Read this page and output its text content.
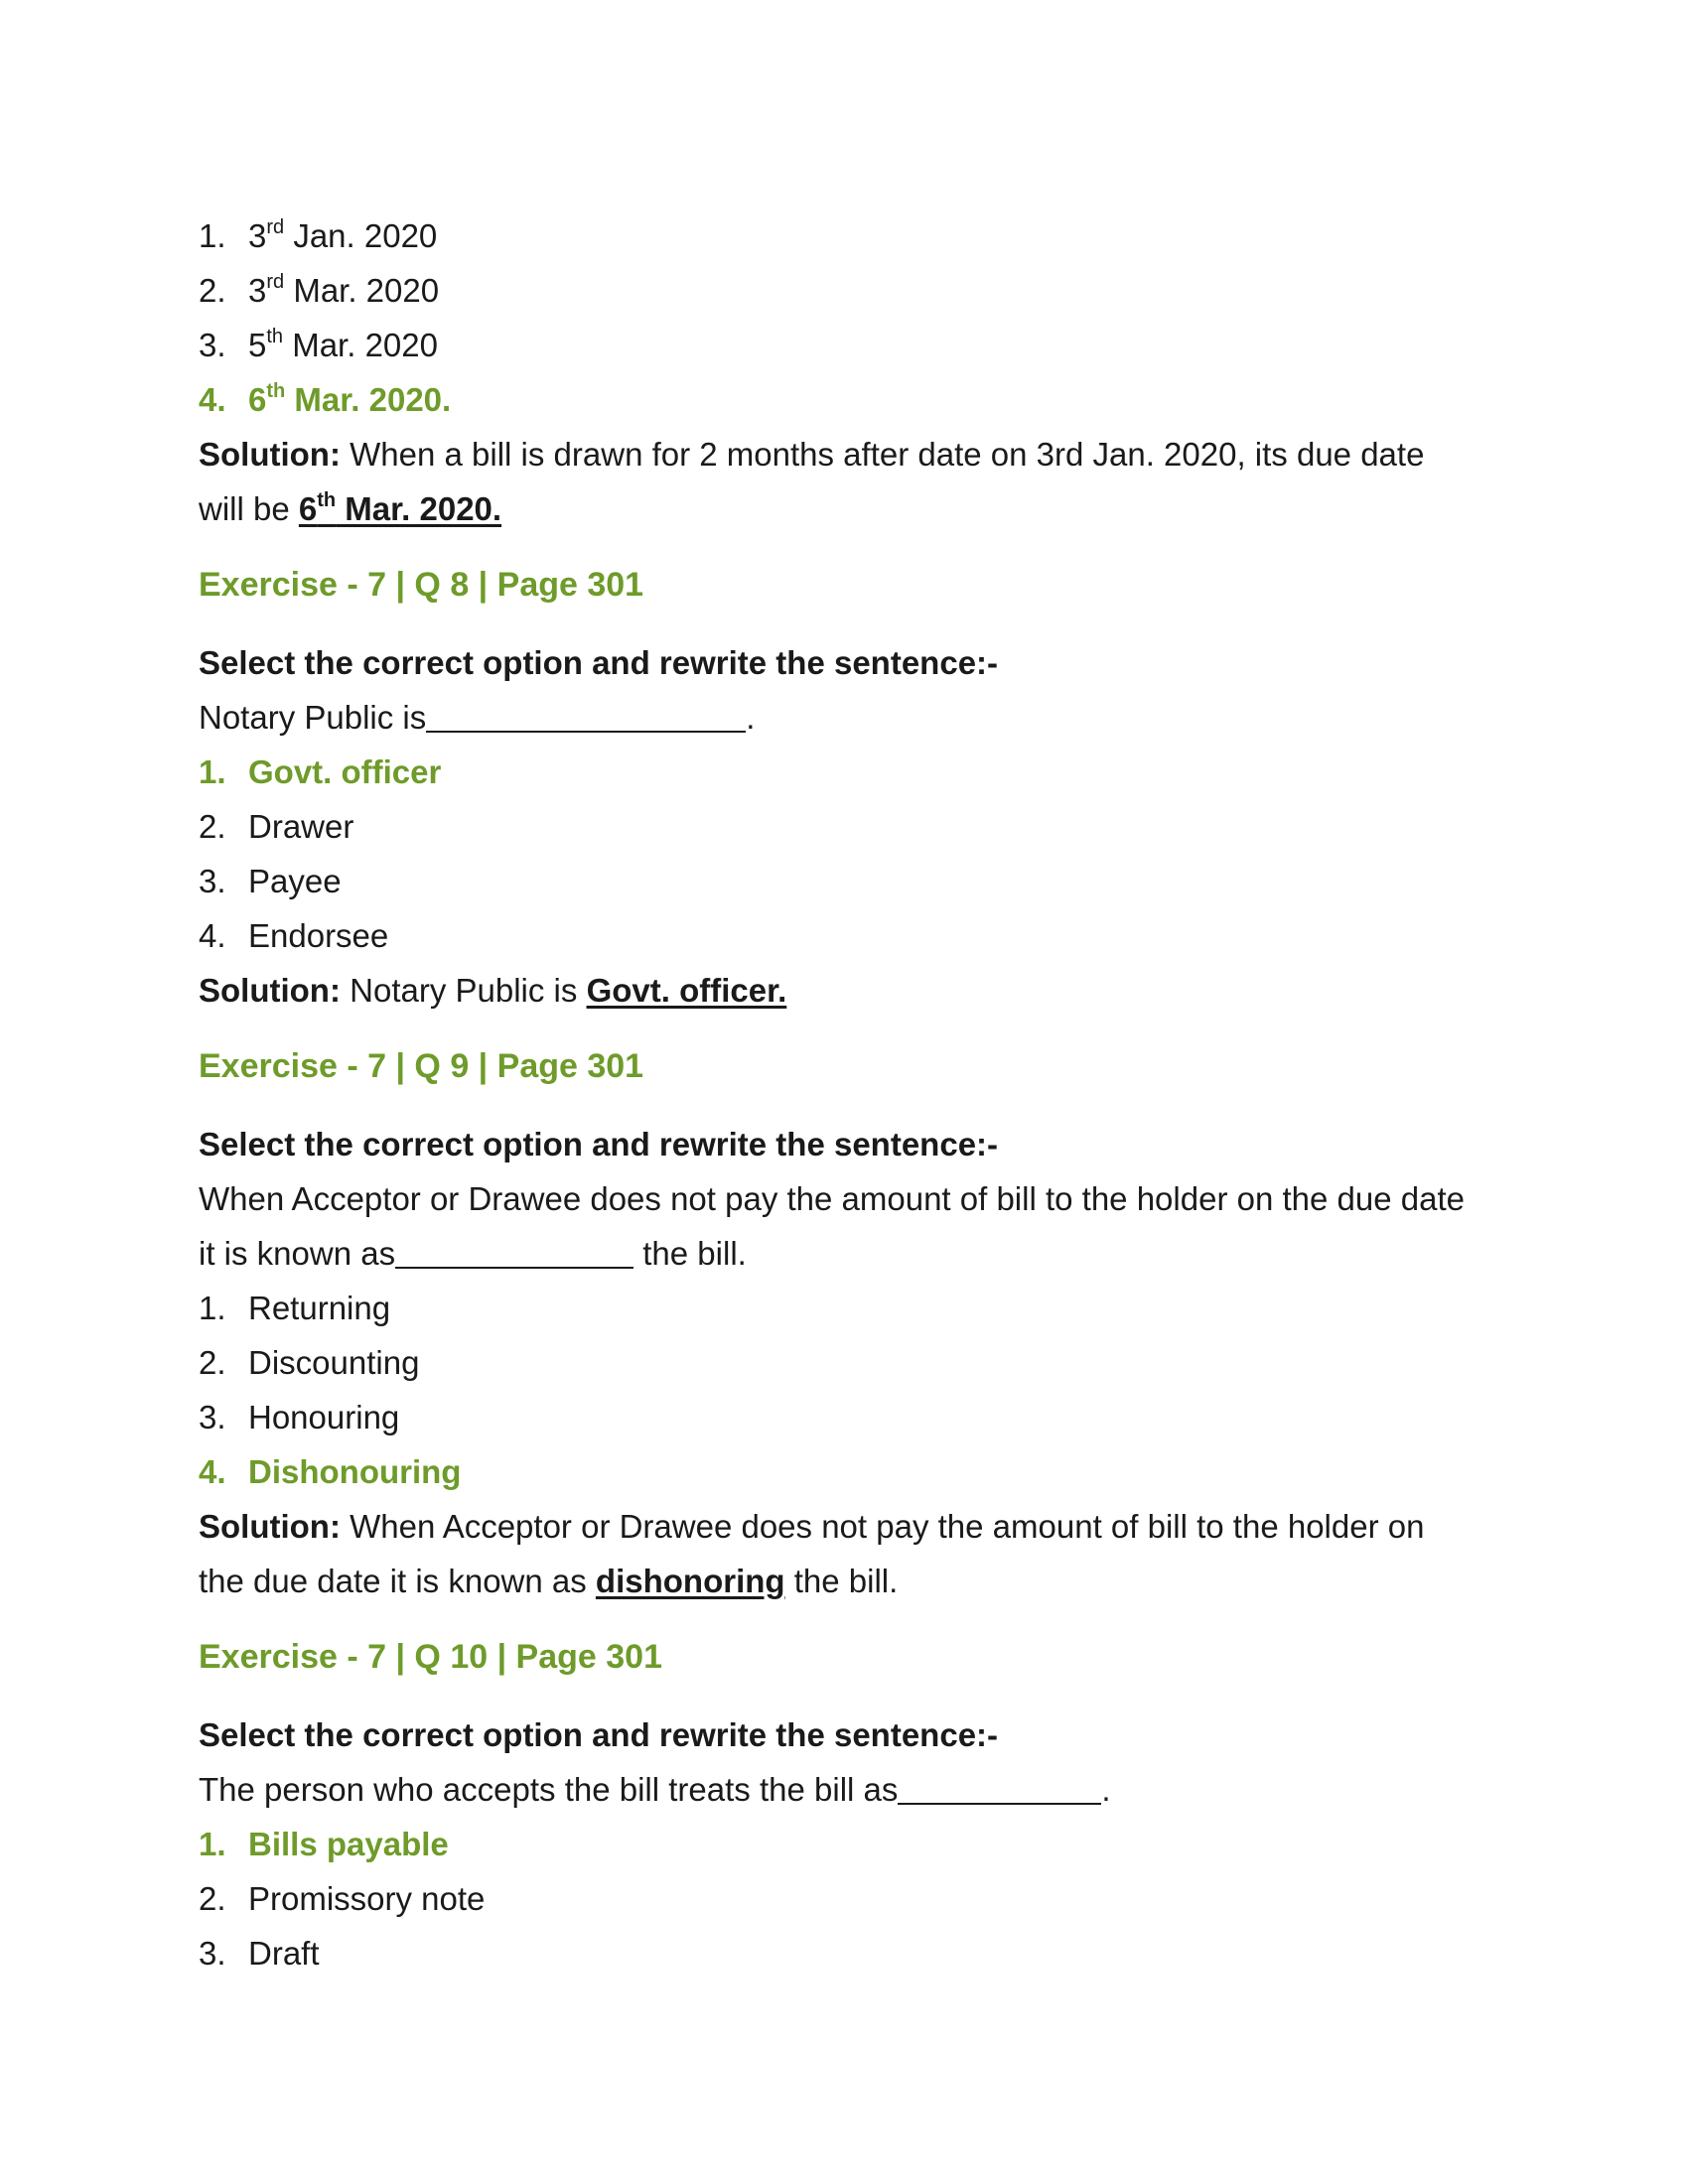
1. 3rd Jan. 2020
2. 3rd Mar. 2020
3. 5th Mar. 2020
4. 6th Mar. 2020.
Solution: When a bill is drawn for 2 months after date on 3rd Jan. 2020, its due date
will be 6th Mar. 2020.
Exercise - 7 | Q 8 | Page 301
Select the correct option and rewrite the sentence:-
Notary Public is	.
1. Govt. officer
2. Drawer
3. Payee
4. Endorsee
Solution: Notary Public is Govt. officer.
Exercise - 7 | Q 9 | Page 301
Select the correct option and rewrite the sentence:-
When Acceptor or Drawee does not pay the amount of bill to the holder on the due date
it is known as	the bill.
1. Returning
2. Discounting
3. Honouring
4. Dishonouring
Solution: When Acceptor or Drawee does not pay the amount of bill to the holder on
the due date it is known as dishonoring the bill.
Exercise - 7 | Q 10 | Page 301
Select the correct option and rewrite the sentence:-
The person who accepts the bill treats the bill as	.
1. Bills payable
2. Promissory note
3. Draft
